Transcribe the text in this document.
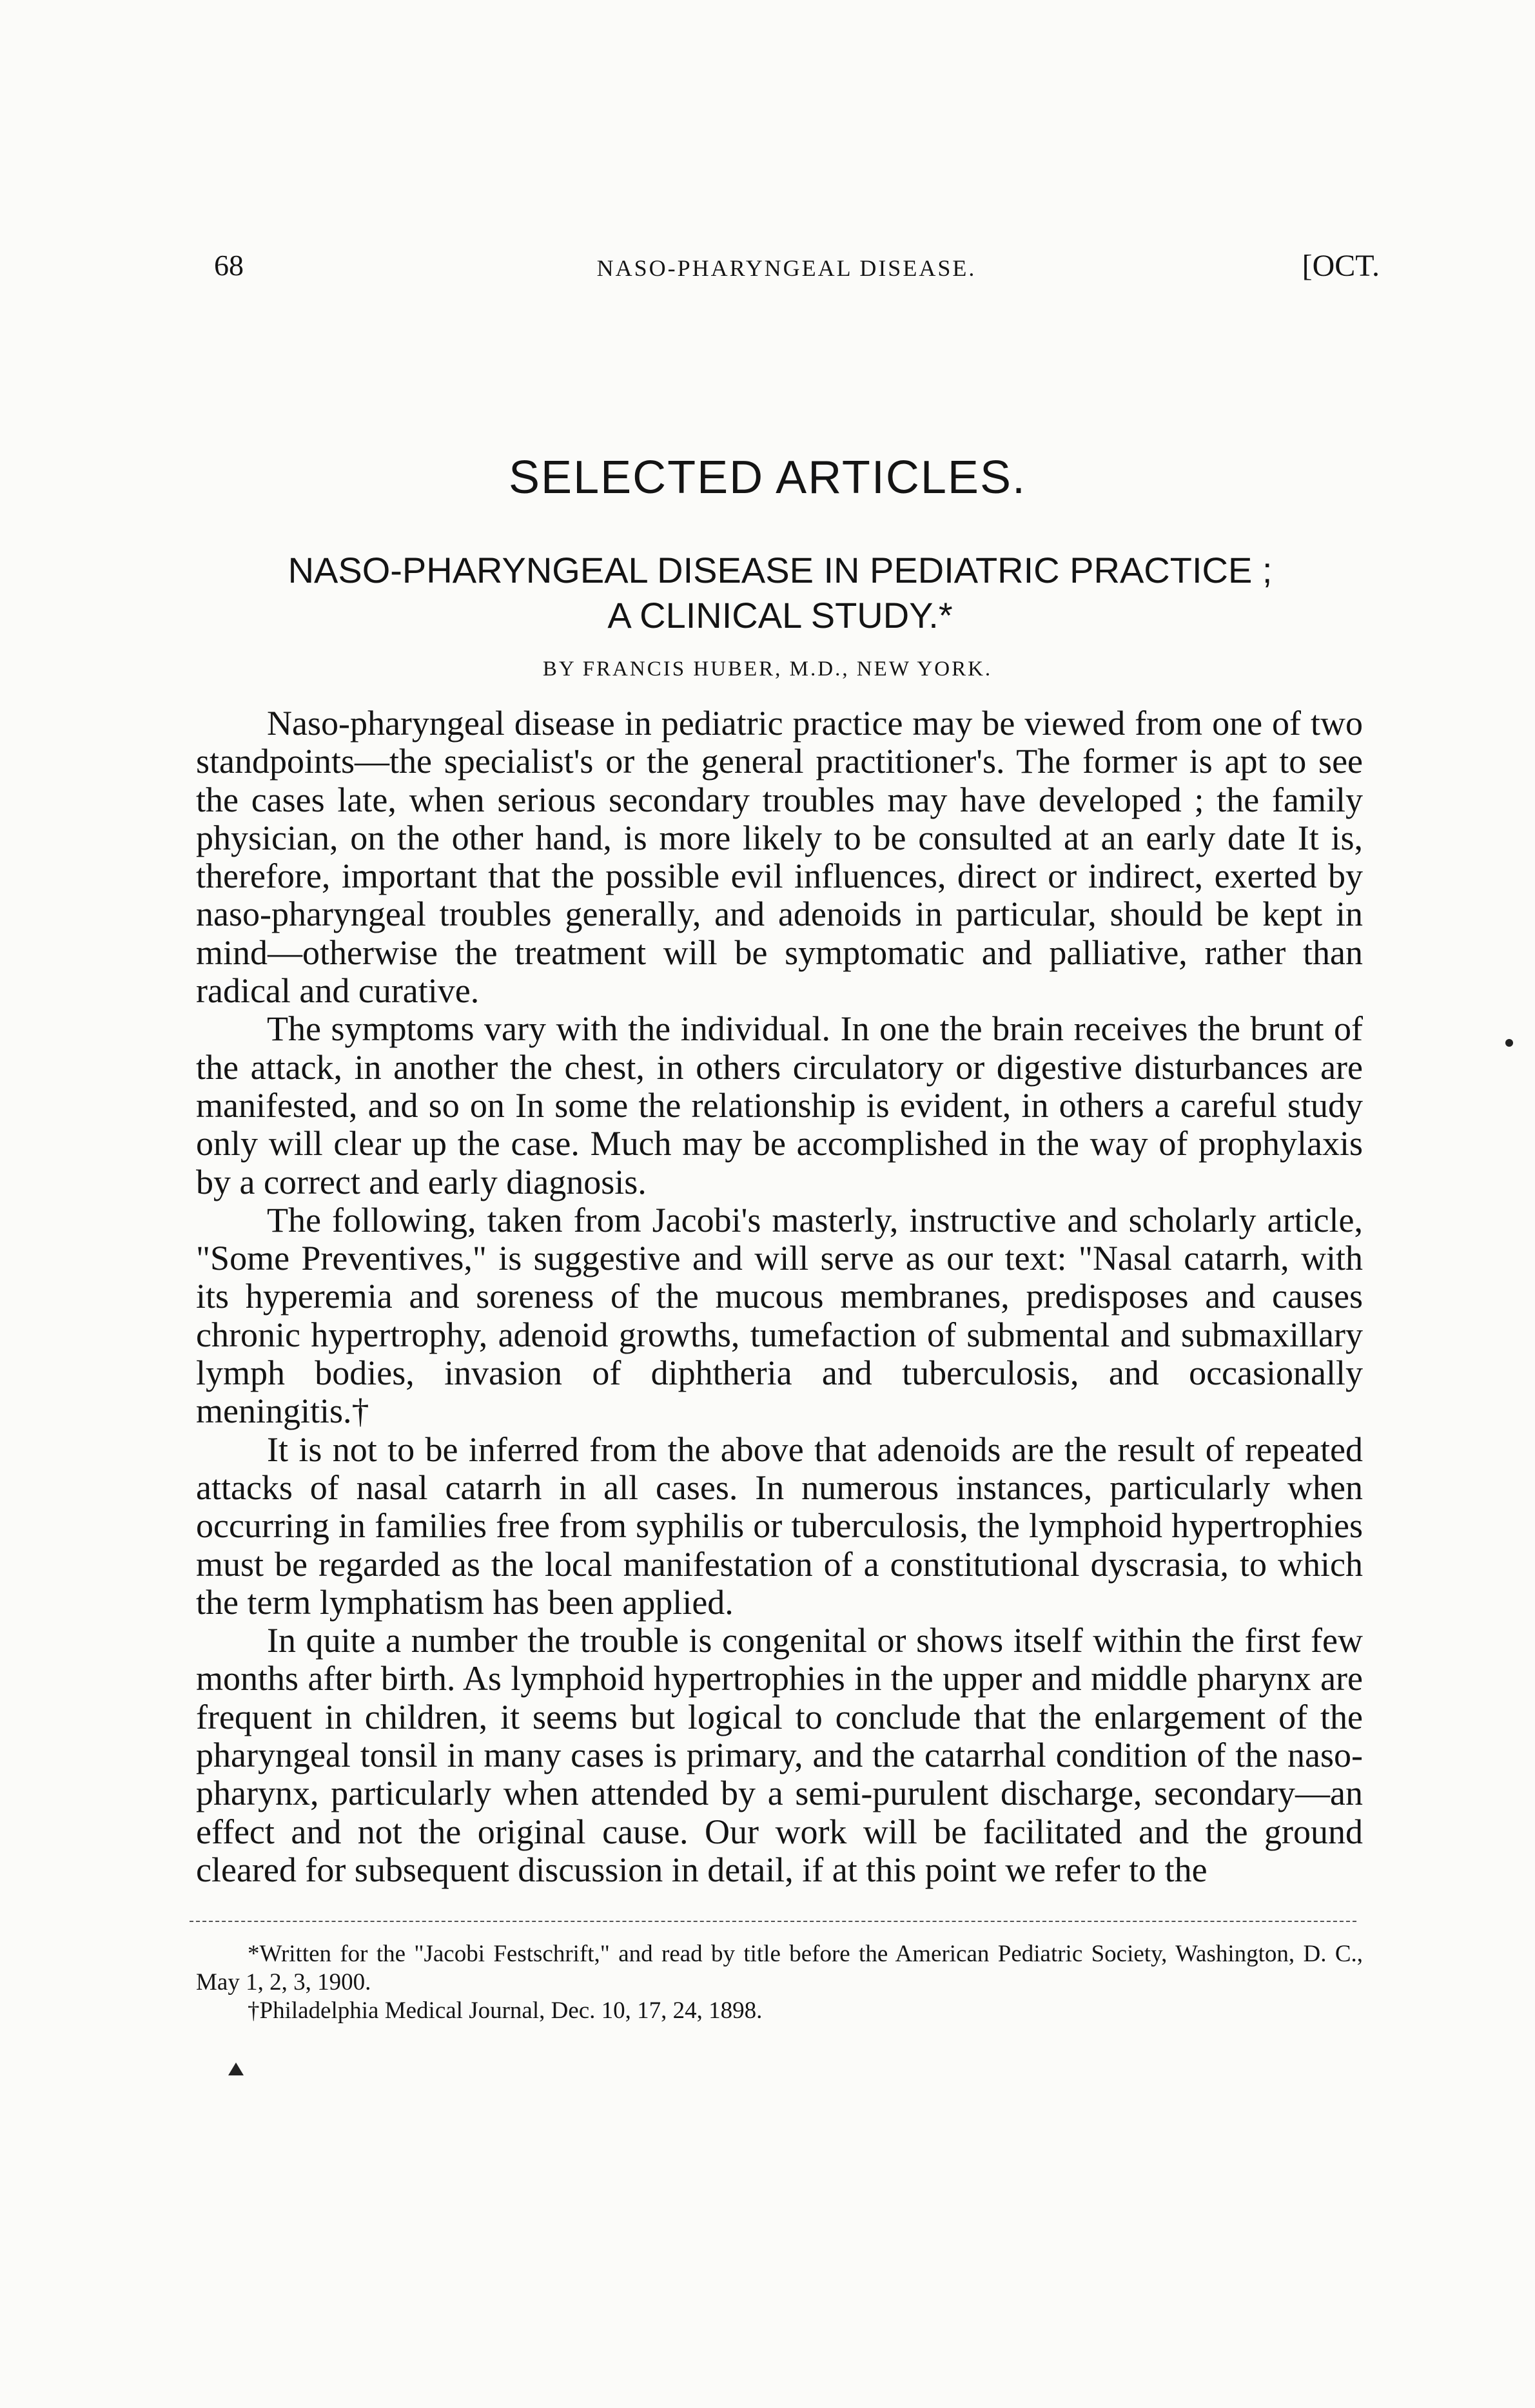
68	NASO-PHARYNGEAL DISEASE.	[OCT.
SELECTED ARTICLES.
NASO-PHARYNGEAL DISEASE IN PEDIATRIC PRACTICE ;
A CLINICAL STUDY.*
BY FRANCIS HUBER, M.D., NEW YORK.

Naso-pharyngeal disease in pediatric practice may be viewed from one of two standpoints—the specialist's or the general practitioner's. The former is apt to see the cases late, when serious secondary troubles may have developed ; the family physician, on the other hand, is more likely to be consulted at an early date It is, therefore, important that the possible evil influences, direct or indirect, exerted by naso-pharyngeal troubles generally, and adenoids in particular, should be kept in mind—otherwise the treatment will be symptomatic and palliative, rather than radical and curative.

The symptoms vary with the individual. In one the brain receives the brunt of the attack, in another the chest, in others circulatory or digestive disturbances are manifested, and so on In some the relationship is evident, in others a careful study only will clear up the case. Much may be accomplished in the way of prophylaxis by a correct and early diagnosis.

The following, taken from Jacobi's masterly, instructive and scholarly article, "Some Preventives," is suggestive and will serve as our text: "Nasal catarrh, with its hyperemia and soreness of the mucous membranes, predisposes and causes chronic hypertrophy, adenoid growths, tumefaction of submental and submaxillary lymph bodies, invasion of diphtheria and tuberculosis, and occasionally meningitis.†

It is not to be inferred from the above that adenoids are the result of repeated attacks of nasal catarrh in all cases. In numerous instances, particularly when occurring in families free from syphilis or tuberculosis, the lymphoid hypertrophies must be regarded as the local manifestation of a constitutional dyscrasia, to which the term lymphatism has been applied.

In quite a number the trouble is congenital or shows itself within the first few months after birth. As lymphoid hypertrophies in the upper and middle pharynx are frequent in children, it seems but logical to conclude that the enlargement of the pharyngeal tonsil in many cases is primary, and the catarrhal condition of the naso-pharynx, particularly when attended by a semi-purulent discharge, secondary—an effect and not the original cause. Our work will be facilitated and the ground cleared for subsequent discussion in detail, if at this point we refer to the

*Written for the "Jacobi Festschrift," and read by title before the American Pediatric Society, Washington, D. C., May 1, 2, 3, 1900.

†Philadelphia Medical Journal, Dec. 10, 17, 24, 1898.
